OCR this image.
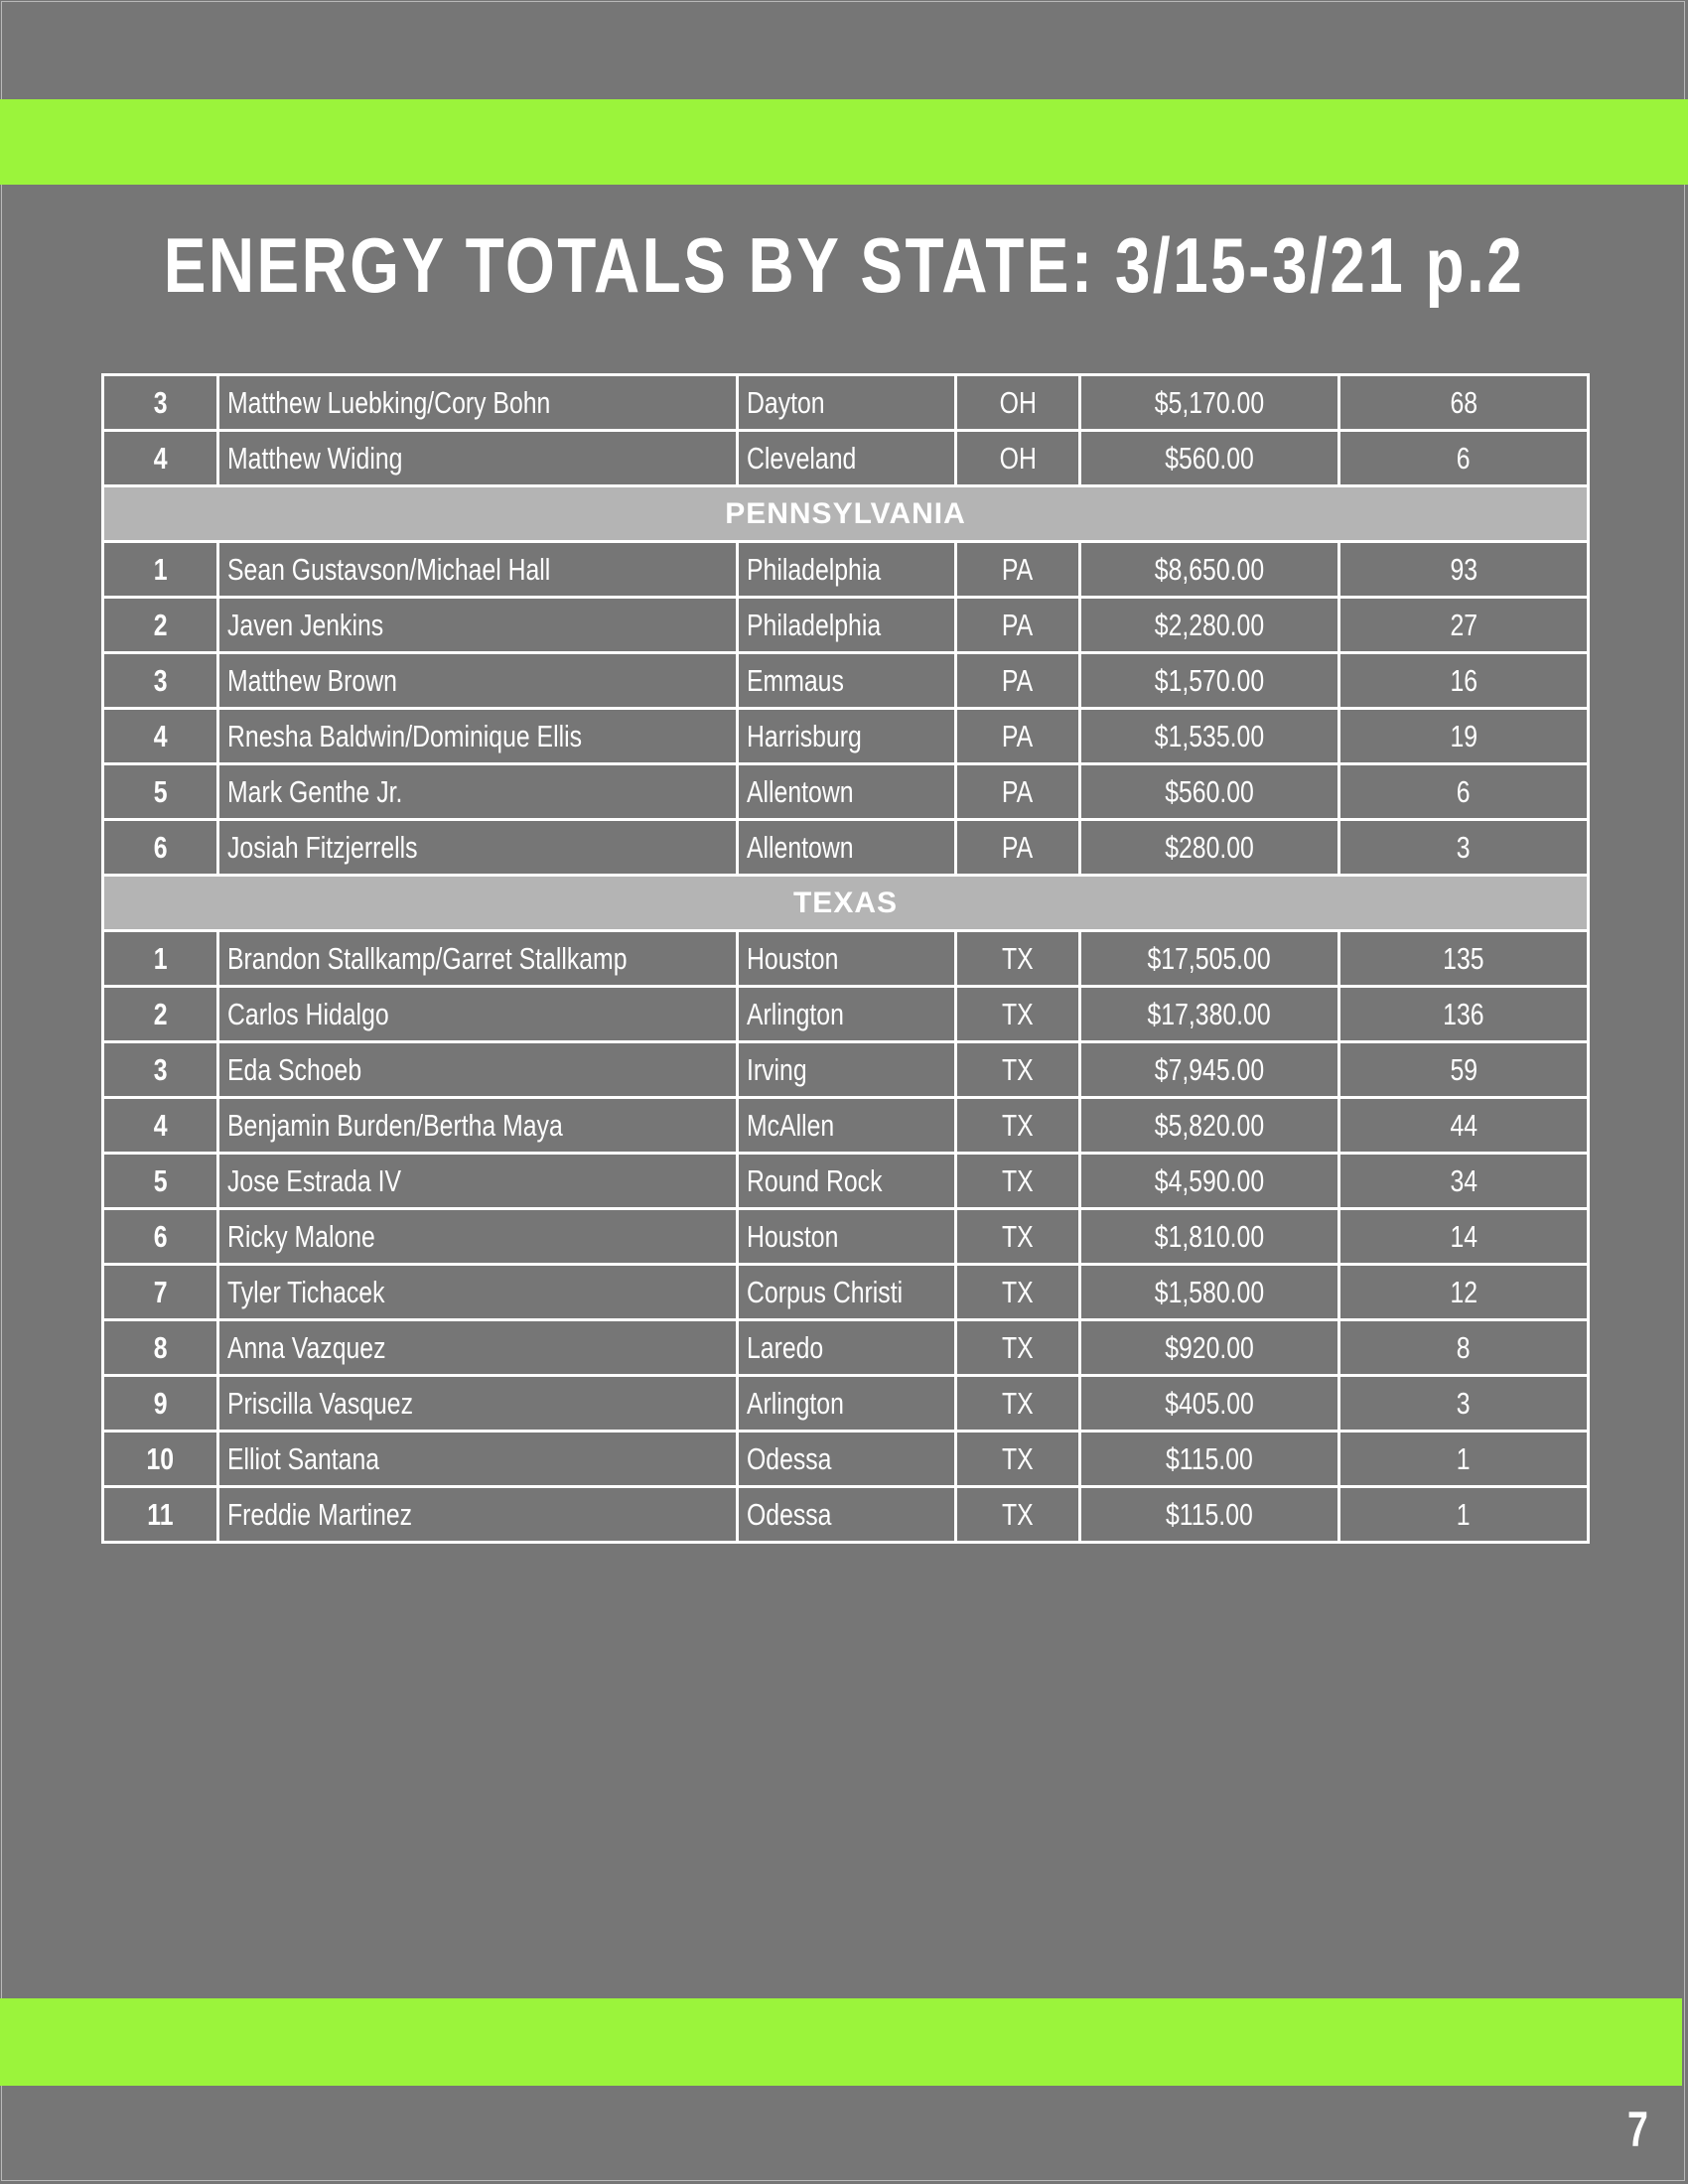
ENERGY TOTALS BY STATE: 3/15-3/21 p.2
3	Matthew Luebking/Cory Bohn	Dayton	OH	$5,170.00	68
4	Matthew Widing	Cleveland	OH	$560.00	6
PENNSYLVANIA					
1	Sean Gustavson/Michael Hall	Philadelphia	PA	$8,650.00	93
2	Javen Jenkins	Philadelphia	PA	$2,280.00	27
3	Matthew Brown	Emmaus	PA	$1,570.00	16
4	Rnesha Baldwin/Dominique Ellis	Harrisburg	PA	$1,535.00	19
5	Mark Genthe Jr.	Allentown	PA	$560.00	6
6	Josiah Fitzjerrells	Allentown	PA	$280.00	3
TEXAS					
1	Brandon Stallkamp/Garret Stallkamp	Houston	TX	$17,505.00	135
2	Carlos Hidalgo	Arlington	TX	$17,380.00	136
3	Eda Schoeb	Irving	TX	$7,945.00	59
4	Benjamin Burden/Bertha Maya	McAllen	TX	$5,820.00	44
5	Jose Estrada IV	Round Rock	TX	$4,590.00	34
6	Ricky Malone	Houston	TX	$1,810.00	14
7	Tyler Tichacek	Corpus Christi	TX	$1,580.00	12
8	Anna Vazquez	Laredo	TX	$920.00	8
9	Priscilla Vasquez	Arlington	TX	$405.00	3
10	Elliot Santana	Odessa	TX	$115.00	1
11	Freddie Martinez	Odessa	TX	$115.00	1
7
